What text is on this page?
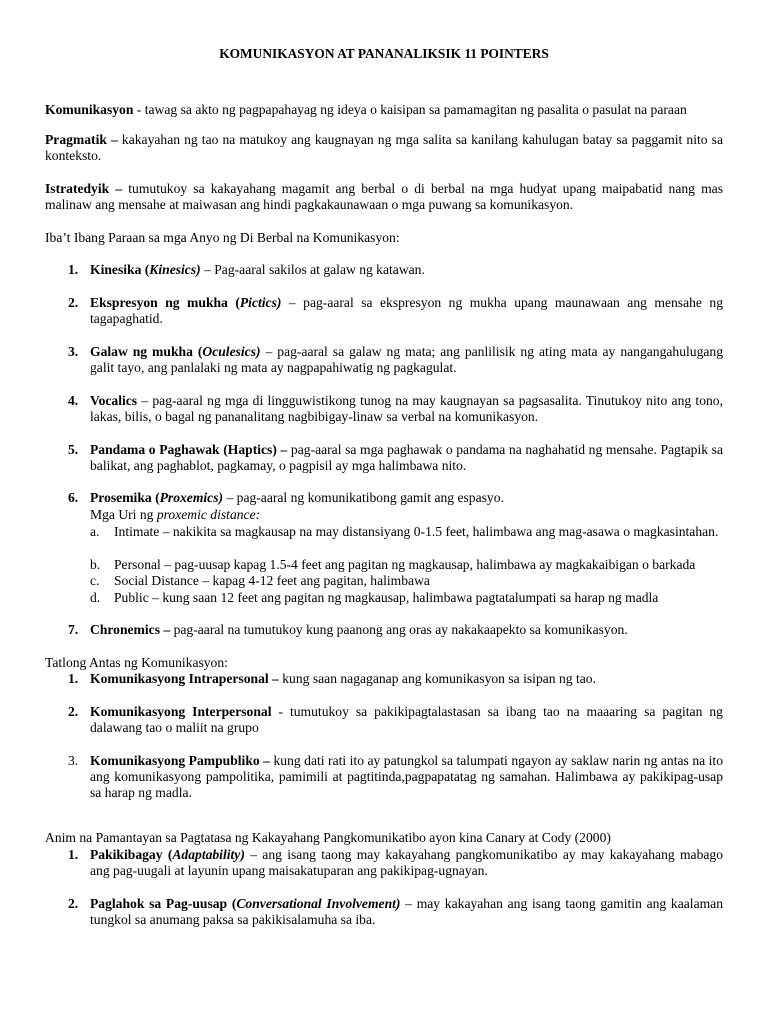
KOMUNIKASYON AT PANANALIKSIK 11 POINTERS
Komunikasyon - tawag sa akto ng pagpapahayag ng ideya o kaisipan sa pamamagitan ng pasalita o pasulat na paraan
Pragmatik – kakayahan ng tao na matukoy ang kaugnayan ng mga salita sa kanilang kahulugan batay sa paggamit nito sa konteksto.
Istratedyik – tumutukoy sa kakayahang magamit ang berbal o di berbal na mga hudyat upang maipabatid nang mas malinaw ang mensahe at maiwasan ang hindi pagkakaunawaan o mga puwang sa komunikasyon.
Iba’t Ibang Paraan sa mga Anyo ng Di Berbal na Komunikasyon:
1. Kinesika (Kinesics) – Pag-aaral sakilos at galaw ng katawan.
2. Ekspresyon ng mukha (Pictics) – pag-aaral sa ekspresyon ng mukha upang maunawaan ang mensahe ng tagapaghatid.
3. Galaw ng mukha (Oculesics) – pag-aaral sa galaw ng mata; ang panlilisik ng ating mata ay nangangahulugang galit tayo, ang panlalaki ng mata ay nagpapahiwatig ng pagkagulat.
4. Vocalics – pag-aaral ng mga di lingguwistikong tunog na may kaugnayan sa pagsasalita. Tinutukoy nito ang tono, lakas, bilis, o bagal ng pananalitang nagbibigay-linaw sa verbal na komunikasyon.
5. Pandama o Paghawak (Haptics) – pag-aaral sa mga paghawak o pandama na naghahatid ng mensahe. Pagtapik sa balikat, ang paghablot, pagkamay, o pagpisil ay mga halimbawa nito.
6. Prosemika (Proxemics) – pag-aaral ng komunikatibong gamit ang espasyo.
Mga Uri ng proxemic distance:
a.	Intimate – nakikita sa magkausap na may distansiyang 0-1.5 feet, halimbawa ang mag-asawa o magkasintahan.
b.	Personal – pag-uusap kapag 1.5-4 feet ang pagitan ng magkausap, halimbawa ay magkakaibigan o barkada
c.	Social Distance – kapag 4-12 feet ang pagitan, halimbawa
d.	Public – kung saan 12 feet ang pagitan ng magkausap, halimbawa pagtatalumpati sa harap ng madla
7. Chronemics – pag-aaral na tumutukoy kung paanong ang oras ay nakakaapekto sa komunikasyon.
Tatlong Antas ng Komunikasyon:
1. Komunikasyong Intrapersonal – kung saan nagaganap ang komunikasyon sa isipan ng tao.
2. Komunikasyong Interpersonal - tumutukoy sa pakikipagtalastasan sa ibang tao na maaaring sa pagitan ng dalawang tao o maliit na grupo
3. Komunikasyong Pampubliko – kung dati rati ito ay patungkol sa talumpati ngayon ay saklaw narin ng antas na ito ang komunikasyong pampolitika, pamimili at pagtitinda,pagpapatatag ng samahan. Halimbawa ay pakikipag-usap sa harap ng madla.
Anim na Pamantayan sa Pagtatasa ng Kakayahang Pangkomunikatibo ayon kina Canary at Cody (2000)
1. Pakikibagay (Adaptability) – ang isang taong may kakayahang pangkomunikatibo ay may kakayahang mabago ang pag-uugali at layunin upang maisakatuparan ang pakikipag-ugnayan.
2. Paglahok sa Pag-uusap (Conversational Involvement) – may kakayahan ang isang taong gamitin ang kaalaman tungkol sa anumang paksa sa pakikisalamuha sa iba.
